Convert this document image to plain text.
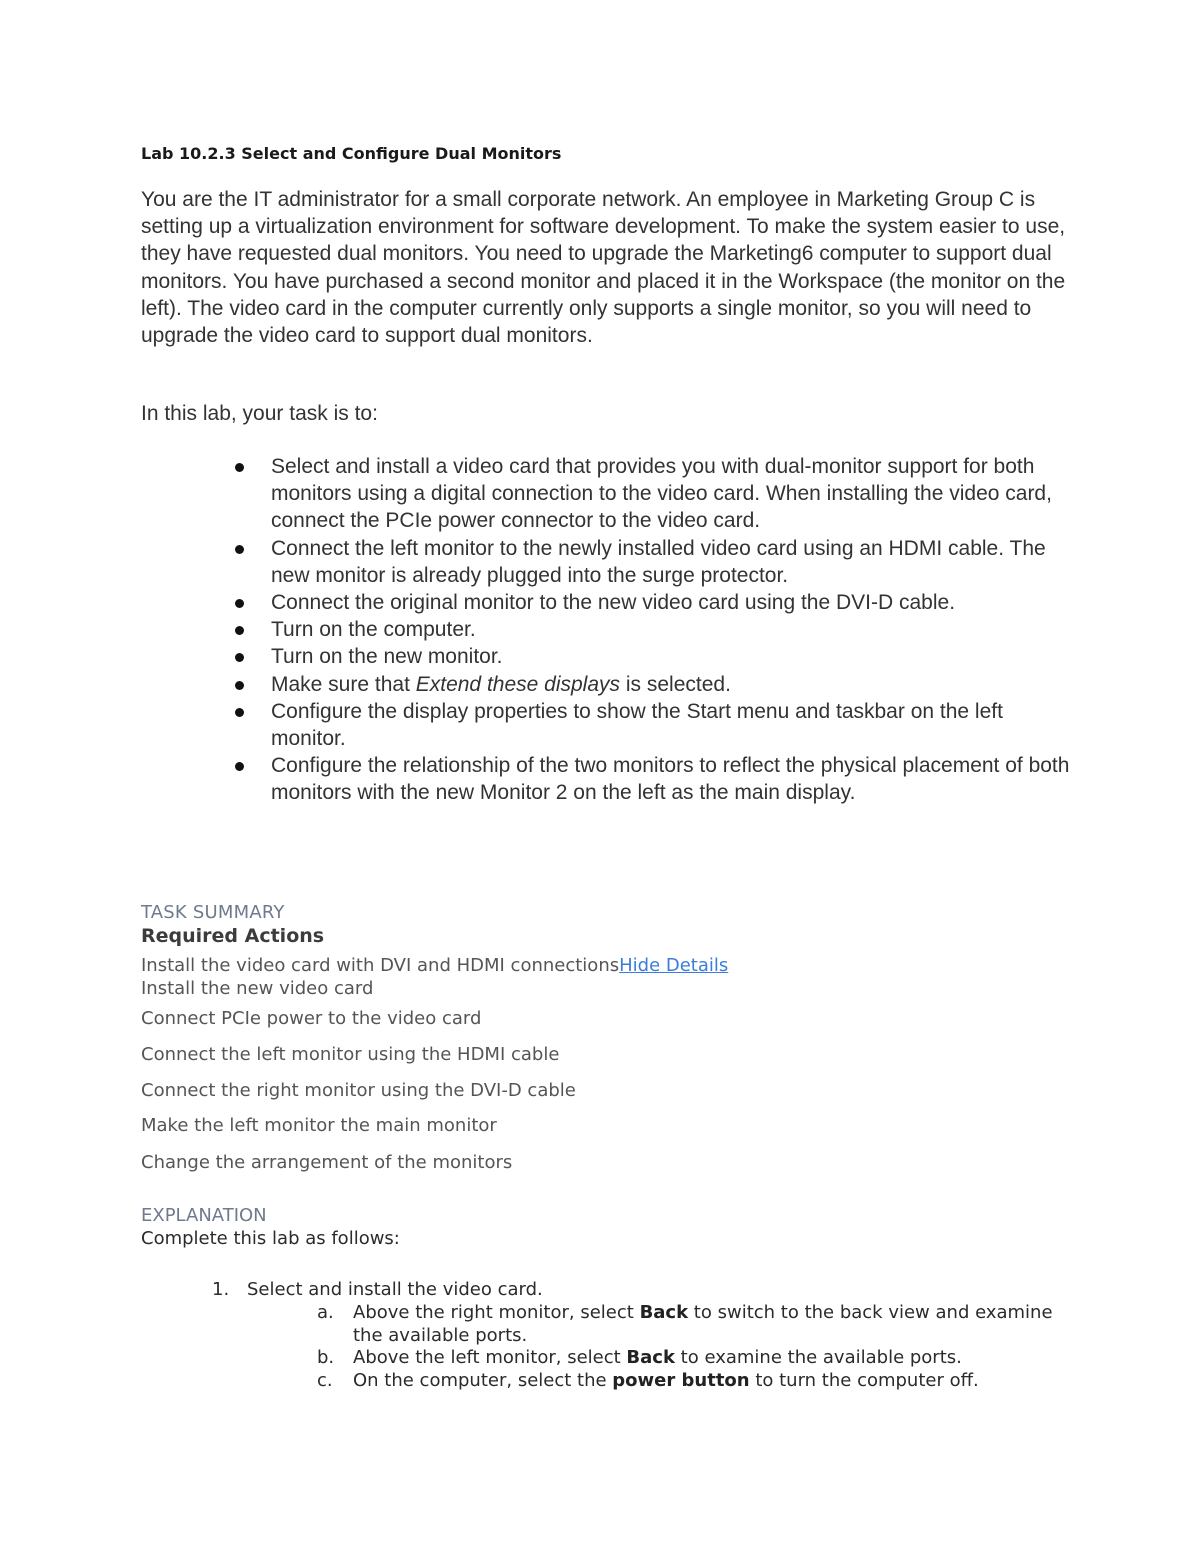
Lab 10.2.3 Select and Configure Dual Monitors

You are the IT administrator for a small corporate network. An employee in Marketing Group C is setting up a virtualization environment for software development. To make the system easier to use, they have requested dual monitors. You need to upgrade the Marketing6 computer to support dual monitors. You have purchased a second monitor and placed it in the Workspace (the monitor on the left). The video card in the computer currently only supports a single monitor, so you will need to upgrade the video card to support dual monitors.

In this lab, your task is to:

Select and install a video card that provides you with dual-monitor support for both monitors using a digital connection to the video card. When installing the video card, connect the PCIe power connector to the video card.
Connect the left monitor to the newly installed video card using an HDMI cable. The new monitor is already plugged into the surge protector.
Connect the original monitor to the new video card using the DVI-D cable.
Turn on the computer.
Turn on the new monitor.
Make sure that Extend these displays is selected.
Configure the display properties to show the Start menu and taskbar on the left monitor.
Configure the relationship of the two monitors to reflect the physical placement of both monitors with the new Monitor 2 on the left as the main display.
TASK SUMMARY
Required Actions
Install the video card with DVI and HDMI connectionsHide Details
Install the new video card
Connect PCIe power to the video card
Connect the left monitor using the HDMI cable
Connect the right monitor using the DVI-D cable
Make the left monitor the main monitor
Change the arrangement of the monitors
EXPLANATION
Complete this lab as follows:
1. Select and install the video card.
a. Above the right monitor, select Back to switch to the back view and examine the available ports.
b. Above the left monitor, select Back to examine the available ports.
c. On the computer, select the power button to turn the computer off.
